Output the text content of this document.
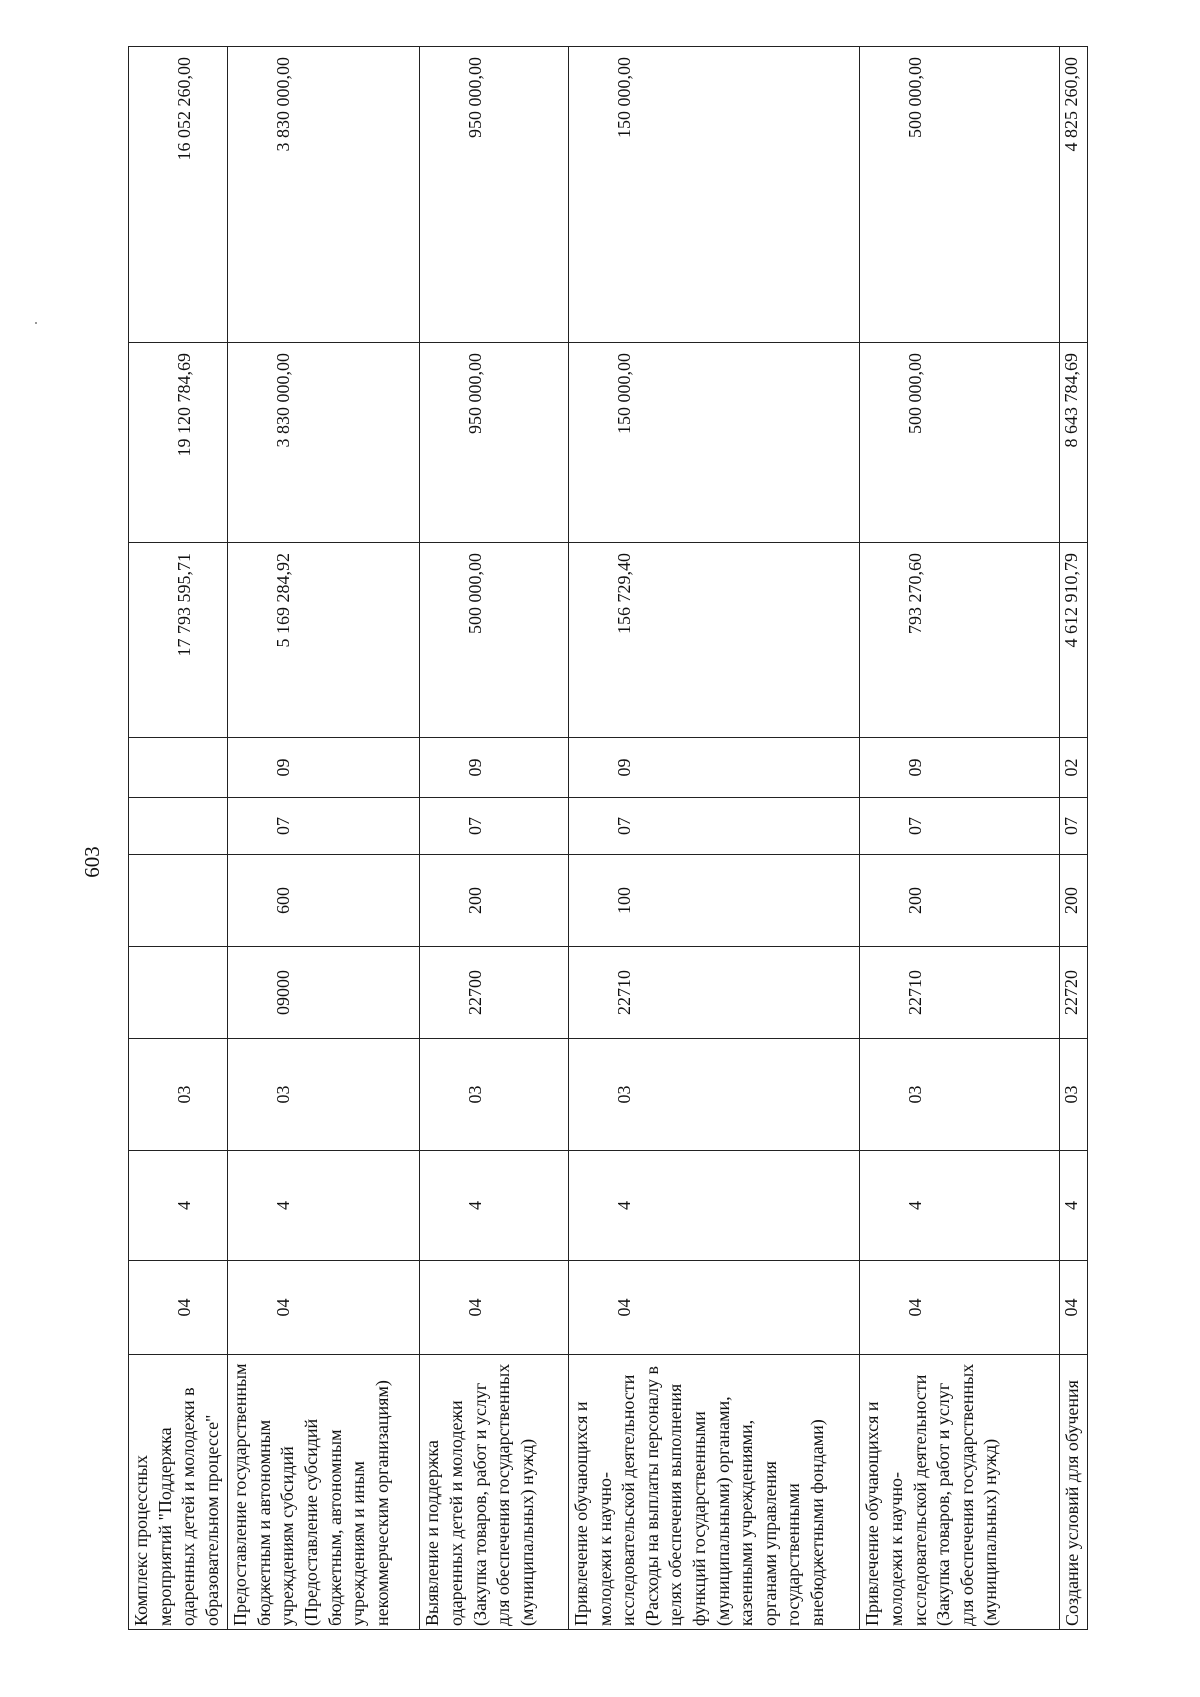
603
Комплекс процессных мероприятий "Поддержка одаренных детей и молодежи в образовательном процессе"	04	4	03					17 793 595,71	19 120 784,69	16 052 260,00
Предоставление государственным бюджетным и автономным учреждениям субсидий (Предоставление субсидий бюджетным, автономным учреждениям и иным некоммерческим организациям)	04	4	03	09000	600	07	09	5 169 284,92	3 830 000,00	3 830 000,00
Выявление и поддержка одаренных детей и молодежи (Закупка товаров, работ и услуг для обеспечения государственных (муниципальных) нужд)	04	4	03	22700	200	07	09	500 000,00	950 000,00	950 000,00
Привлечение обучающихся и молодежи к научно-исследовательской деятельности (Расходы на выплаты персоналу в целях обеспечения выполнения функций государственными (муниципальными) органами, казенными учреждениями, органами управления государственными внебюджетными фондами)	04	4	03	22710	100	07	09	156 729,40	150 000,00	150 000,00
Привлечение обучающихся и молодежи к научно-исследовательской деятельности (Закупка товаров, работ и услуг для обеспечения государственных (муниципальных) нужд)	04	4	03	22710	200	07	09	793 270,60	500 000,00	500 000,00
Создание условий для обучения	04	4	03	22720	200	07	02	4 612 910,79	8 643 784,69	4 825 260,00
